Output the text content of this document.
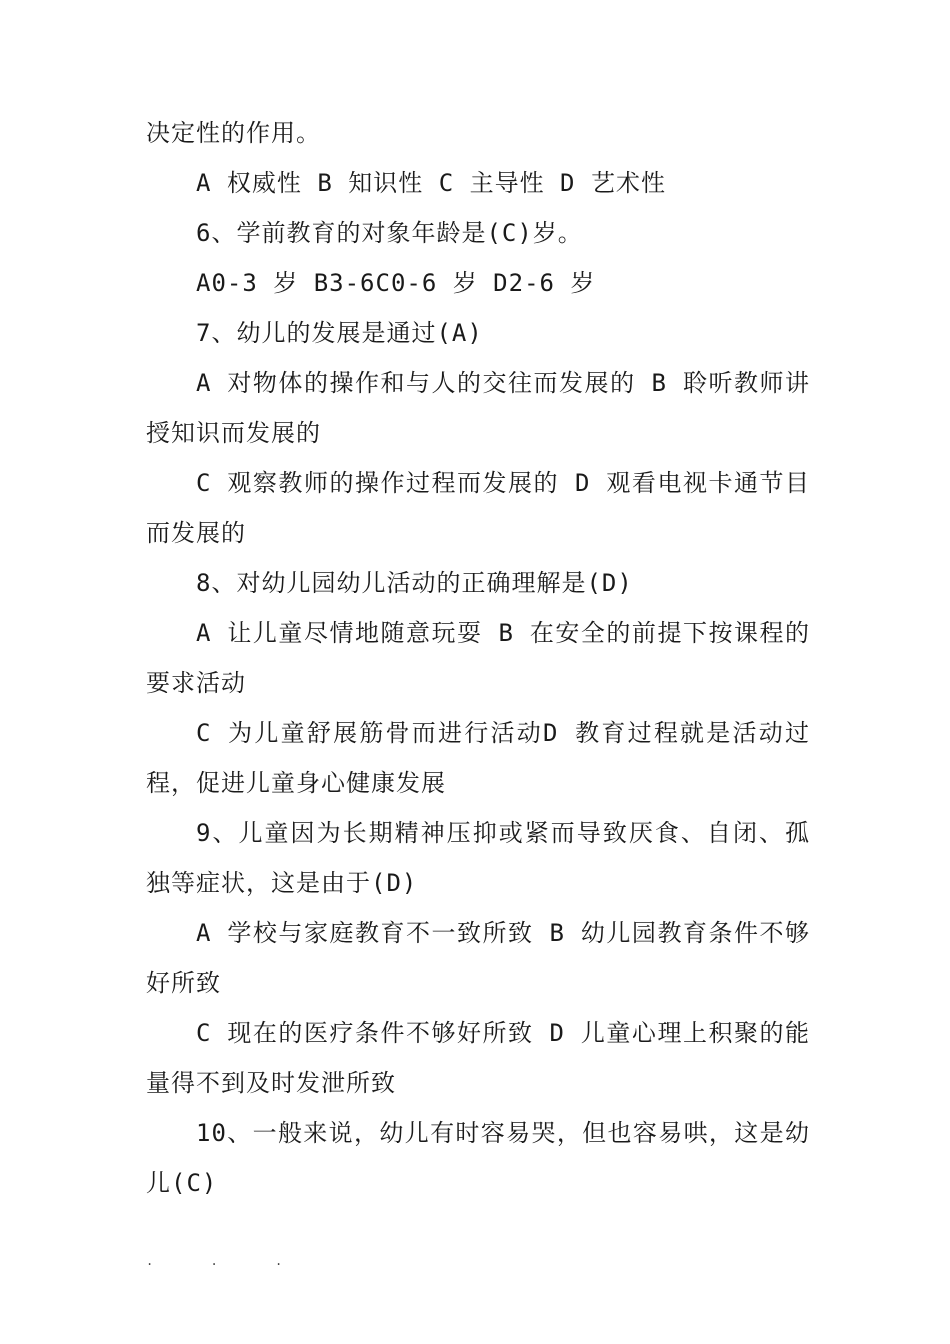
决定性的作用。

A 权威性 B 知识性 C 主导性 D 艺术性

6、学前教育的对象年龄是(C)岁。

A0-3 岁 B3-6C0-6 岁 D2-6 岁

7、幼儿的发展是通过(A)

A 对物体的操作和与人的交往而发展的 B 聆听教师讲授知识而发展的

C 观察教师的操作过程而发展的 D 观看电视卡通节目而发展的

8、对幼儿园幼儿活动的正确理解是(D)

A 让儿童尽情地随意玩耍 B 在安全的前提下按课程的要求活动

C 为儿童舒展筋骨而进行活动D 教育过程就是活动过程，促进儿童身心健康发展

9、儿童因为长期精神压抑或紧而导致厌食、自闭、孤独等症状，这是由于(D)

A 学校与家庭教育不一致所致 B 幼儿园教育条件不够好所致

C 现在的医疗条件不够好所致 D 儿童心理上积聚的能量得不到及时发泄所致

10、一般来说，幼儿有时容易哭，但也容易哄，这是幼儿(C)

.	.	.
